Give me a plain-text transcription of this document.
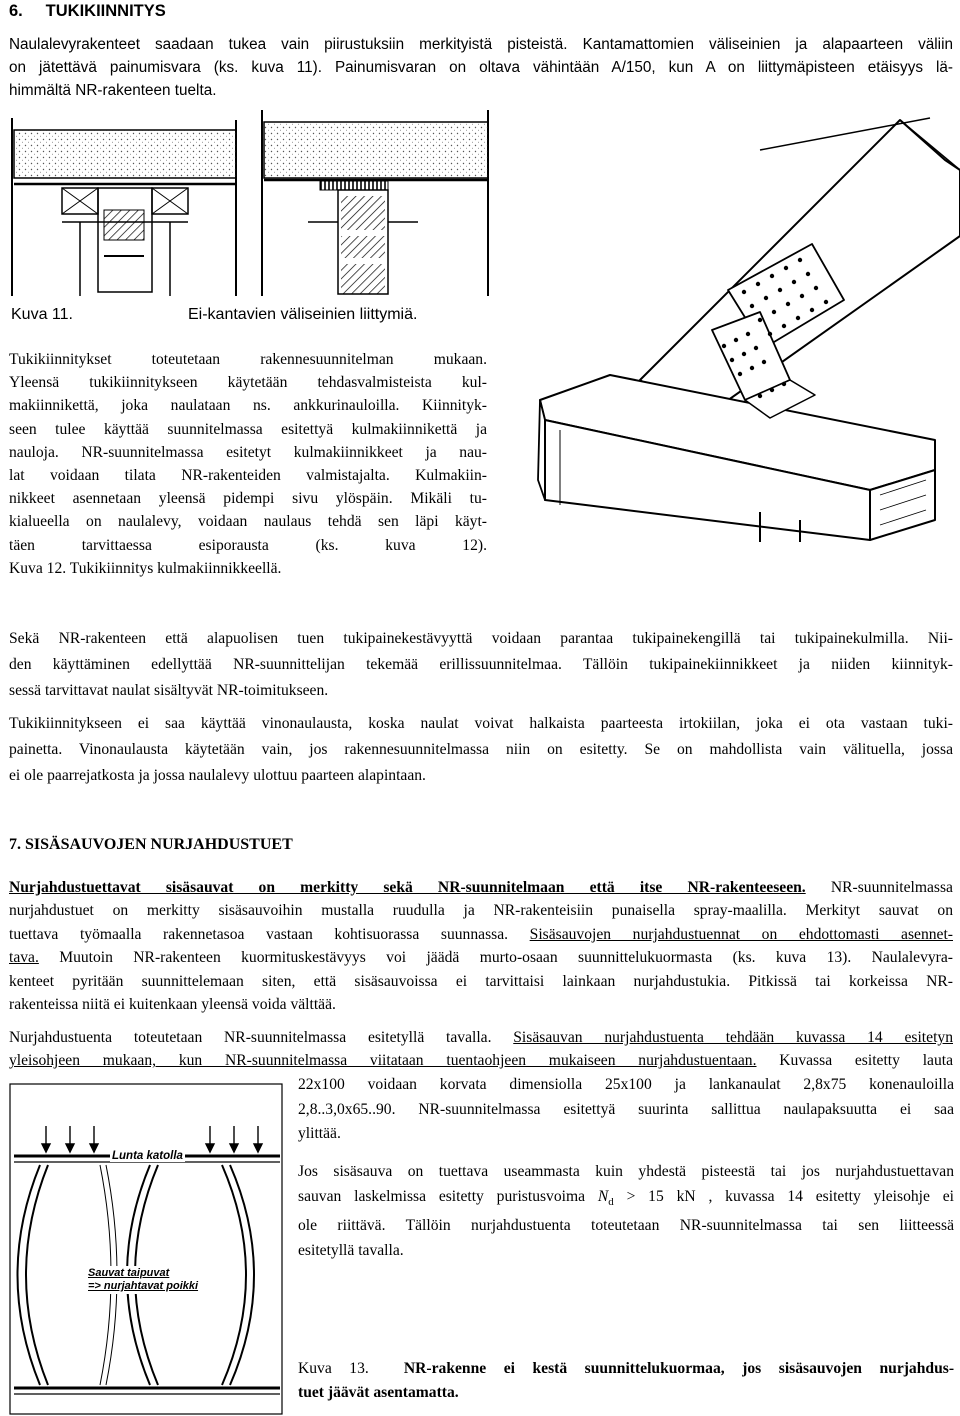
6.     TUKIKIINNITYS
Naulalevyrakenteet saadaan tukea vain piirustuksiin merkityistä pisteistä. Kantamattomien väliseinien ja alapaarteen väliin
on jätettävä painumisvara (ks. kuva 11). Painumisvaran on oltava vähintään A/150, kun A on liittymäpisteen etäisyys lä-
himmältä NR-rakenteen tuelta.
Kuva 11.	Ei-kantavien väliseinien liittymiä.
Tukikiinnitykset toteutetaan rakennesuunnitelman mukaan.
Yleensä tukikiinnitykseen käytetään tehdasvalmisteista kul-
makiinnikettä, joka naulataan ns. ankkurinauloilla. Kiinnityk-
seen tulee käyttää suunnitelmassa esitettyä kulmakiinnikettä ja
nauloja. NR-suunnitelmassa esitetyt kulmakiinnikkeet ja nau-
lat voidaan tilata NR-rakenteiden valmistajalta. Kulmakiin-
nikkeet asennetaan yleensä pidempi sivu ylöspäin. Mikäli tu-
kialueella on naulalevy, voidaan naulaus tehdä sen läpi käyt-
täen tarvittaessa esiporausta (ks. kuva 12).
Kuva 12. Tukikiinnitys kulmakiinnikkeellä.
Sekä NR-rakenteen että alapuolisen tuen tukipainekestävyyttä voidaan parantaa tukipainekengillä tai tukipainekulmilla. Nii-
den käyttäminen edellyttää NR-suunnittelijan tekemää erillissuunnitelmaa. Tällöin tukipainekiinnikkeet ja niiden kiinnityk-
sessä tarvittavat naulat sisältyvät NR-toimitukseen.
Tukikiinnitykseen ei saa käyttää vinonaulausta, koska naulat voivat halkaista paarteesta irtokiilan, joka ei ota vastaan tuki-
painetta. Vinonaulausta käytetään vain, jos rakennesuunnitelmassa niin on esitetty. Se on mahdollista vain välituella, jossa
ei ole paarrejatkosta ja jossa naulalevy ulottuu paarteen alapintaan.
7. SISÄSAUVOJEN NURJAHDUSTUET
Nurjahdustuettavat sisäsauvat on merkitty sekä NR-suunnitelmaan että itse NR-rakenteeseen. NR-suunnitelmassa
nurjahdustuet on merkitty sisäsauvoihin mustalla ruudulla ja NR-rakenteisiin punaisella spray-maalilla. Merkityt sauvat on
tuettava työmaalla rakennetasoa vastaan kohtisuorassa suunnassa. Sisäsauvojen nurjahdustuennat on ehdottomasti asennet-
tava. Muutoin NR-rakenteen kuormituskestävyys voi jäädä murto-osaan suunnittelukuormasta (ks. kuva 13). Naulalevyra-
kenteet pyritään suunnittelemaan siten, että sisäsauvoissa ei tarvittaisi lainkaan nurjahdustukia. Pitkissä tai korkeissa NR-
rakenteissa niitä ei kuitenkaan yleensä voida välttää.
Nurjahdustuenta toteutetaan NR-suunnitelmassa esitetyllä tavalla. Sisäsauvan nurjahdustuenta tehdään kuvassa 14 esitetyn
yleisohjeen mukaan, kun NR-suunnitelmassa viitataan tuentaohjeen mukaiseen nurjahdustuentaan. Kuvassa esitetty lauta
22x100 voidaan korvata dimensiolla 25x100 ja lankanaulat 2,8x75 konenauloilla
2,8..3,0x65..90. NR-suunnitelmassa esitettyä suurinta sallittua naulapaksuutta ei saa
ylittää.
Jos sisäsauva on tuettava useammasta kuin yhdestä pisteestä tai jos nurjahdustuettavan
sauvan laskelmissa esitetty puristusvoima $N_d > 15$ kN , kuvassa 14 esitetty yleisohje ei
ole riittävä. Tällöin nurjahdustuenta toteutetaan NR-suunnitelmassa tai sen liitteessä
esitetyllä tavalla.
Lunta katolla
Sauvat taipuvat
=> nurjahtavat poikki
Kuva 13. NR-rakenne ei kestä suunnittelukuormaa, jos sisäsauvojen nurjahdus-
tuet jäävät asentamatta.
